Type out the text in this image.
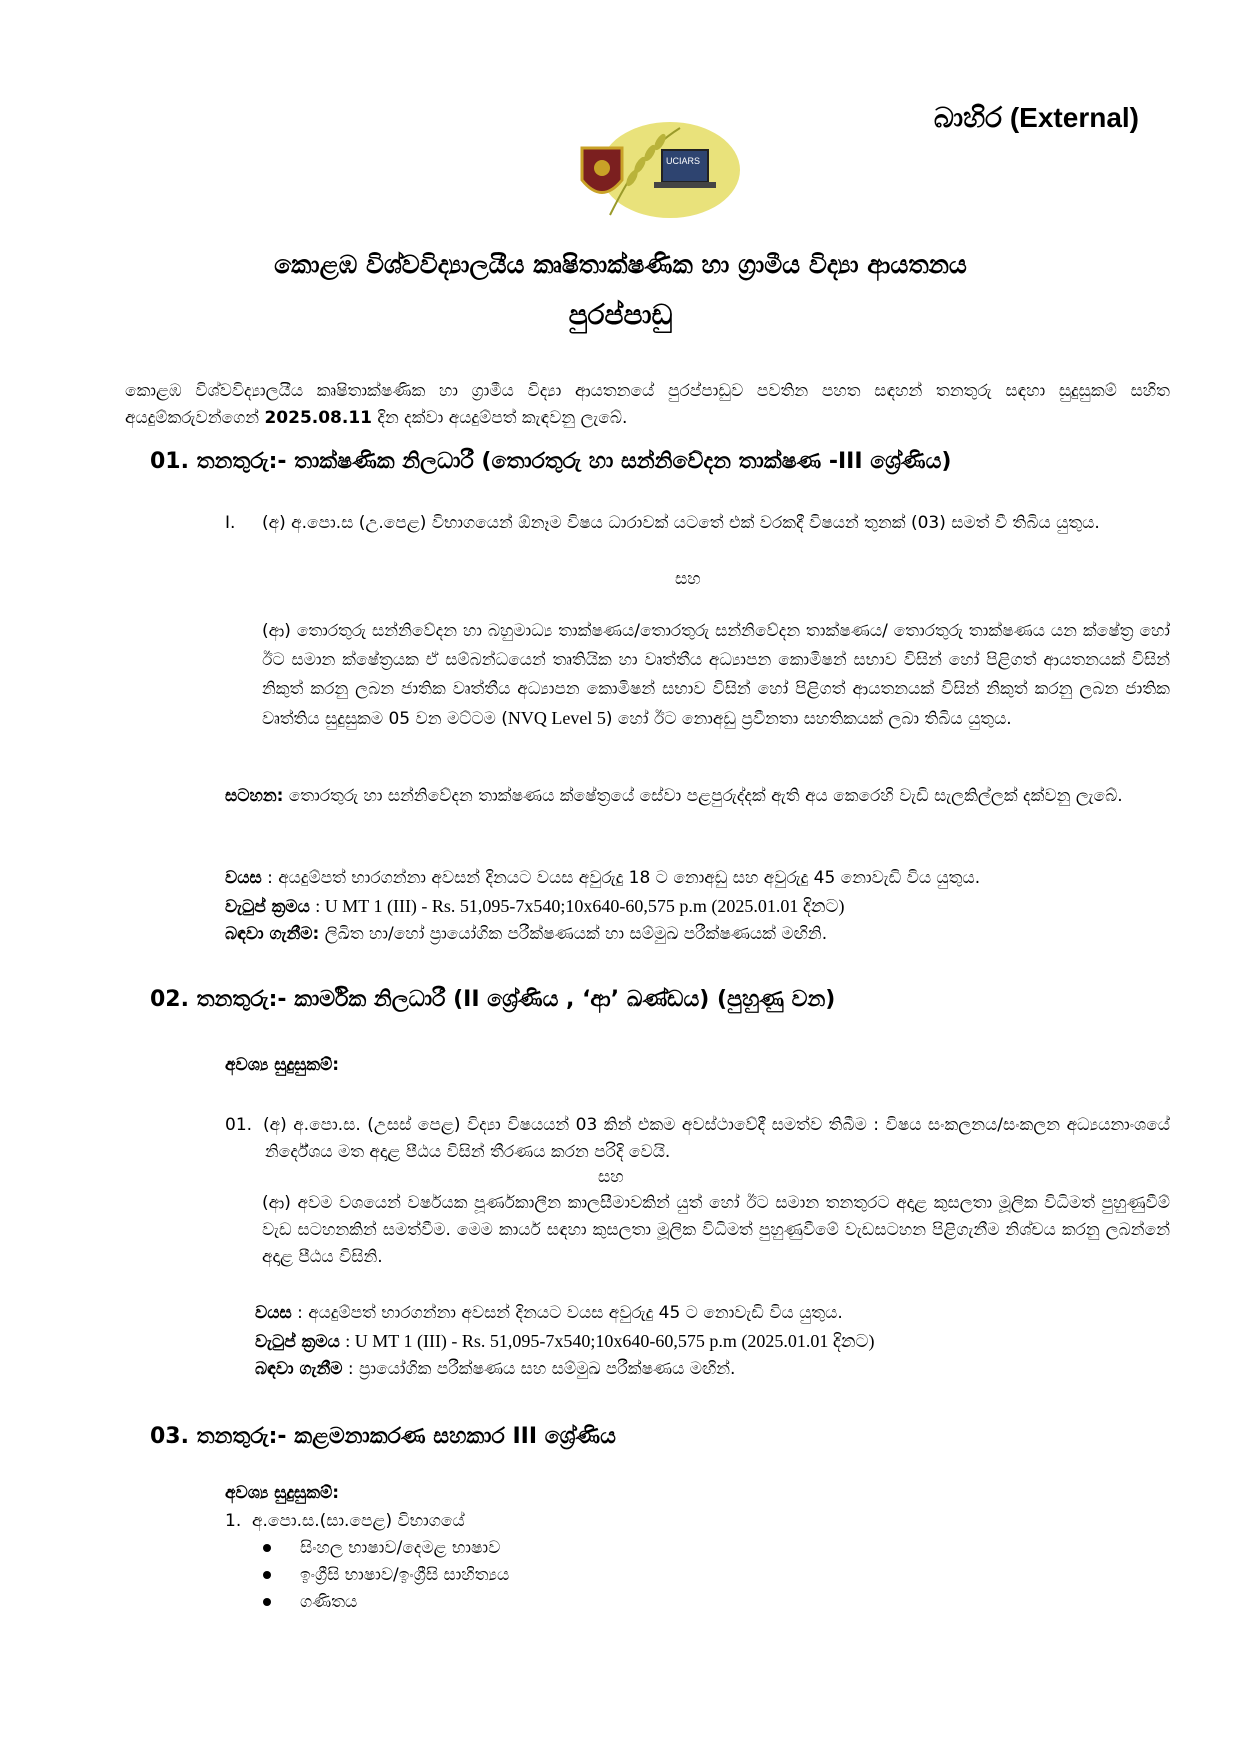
බාහිර (External)
UCIARS
කොළඹ විශ්වවිද්‍යාලයීය කෘෂිතාක්ෂණික හා ග්‍රාමීය විද්‍යා ආයතනය
පුරප්පාඩු
කොළඹ විශ්වවිද්‍යාලයීය කෘෂිතාක්ෂණික හා ග්‍රාමීය විද්‍යා ආයතනයේ පුරප්පාඩුව පවතින පහත සඳහන් තනතුරු සඳහා සුදුසුකම් සහිත අයදුම්කරුවන්ගෙන් 2025.08.11 දින දක්වා අයදුම්පත් කැඳවනු ලැබේ.
01. තනතුරු:- තාක්ෂණික නිලධාරී (තොරතුරු හා සන්නිවේදන තාක්ෂණ -III ශ්‍රේණිය)
I. (අ) අ.පො.ස (උ.පෙළ) විභාගයෙන් ඕනෑම විෂය ධාරාවක් යටතේ එක් වරකදී විෂයන් තුනක් (03) සමත් වී තිබිය යුතුය.
සහ
(ආ) තොරතුරු සන්නිවේදන හා බහුමාධ්‍ය තාක්ෂණය/තොරතුරු සන්නිවේදන තාක්ෂණය/ තොරතුරු තාක්ෂණය යන ක්ෂේත්‍ර හෝ ඊට සමාන ක්ෂේත්‍රයක ඒ සම්බන්ධයෙන් තෘතියික හා වෘත්තීය අධ්‍යාපන කොමිෂන් සභාව විසින් හෝ පිළිගත් ආයතනයක් විසින් නිකුත් කරනු ලබන ජාතික වෘත්තීය අධ්‍යාපන කොමිෂන් සභාව විසින් හෝ පිළිගත් ආයතනයක් විසින් නිකුත් කරනු ලබන ජාතික වෘත්තිය සුදුසුකම 05 වන මට්ටම (NVQ Level 5) හෝ ඊට නොඅඩු ප්‍රවීනතා සහතිකයක් ලබා තිබිය යුතුය.
සටහන: තොරතුරු හා සන්නිවේදන තාක්ෂණය ක්ෂේත්‍රයේ සේවා පළපුරුද්දක් ඇති අය කෙරෙහි වැඩි සැලකිල්ලක් දක්වනු ලැබේ.
වයස : අයදුම්පත් භාරගන්නා අවසන් දිනයට වයස අවුරුදු 18 ට නොඅඩු සහ අවුරුදු 45 නොවැඩි විය යුතුය.
වැටුප් ක්‍රමය : U MT 1 (III) - Rs. 51,095-7x540;10x640-60,575 p.m (2025.01.01 දිනට)
බඳවා ගැනීම: ලිඛිත හා/හෝ ප්‍රායෝගික පරීක්ෂණයක් හා සම්මුඛ පරීක්ෂණයක් මඟිනි.
02. තනතුරු:- කාර්මික නිලධාරී (II ශ්‍රේණිය , ‘ආ’ ඛණ්ඩය) (පුහුණු වන)
අවශ්‍ය සුදුසුකම්:
01. (අ) අ.පො.ස. (උසස් පෙළ) විද්‍යා විෂයයන් 03 කින් එකම අවස්ථාවේදී සමත්ව තිබීම : විෂය සංකලනය/සංකලන අධ්‍යයනාංශයේ නිර්දේශය මත අදාළ පීඨය විසින් තීරණය කරන පරිදි වෙයි.
සහ
(ආ) අවම වශයෙන් වර්ෂයක පූර්ණකාලීන කාලසීමාවකින් යුත් හෝ ඊට සමාන තනතුරට අදාළ කුසලතා මූලික විධිමත් පුහුණුවීම් වැඩ සටහනකින් සමත්වීම. මෙම කාර්ය සඳහා කුසලතා මූලික විධිමත් පුහුණුවීමේ වැඩසටහන පිළිගැනීම නිශ්චය කරනු ලබන්නේ අදාළ පීඨය විසිනි.
වයස : අයදුම්පත් භාරගන්නා අවසන් දිනයට වයස අවුරුදු 45 ට නොවැඩි විය යුතුය.
වැටුප් ක්‍රමය : U MT 1 (III) - Rs. 51,095-7x540;10x640-60,575 p.m (2025.01.01 දිනට)
බඳවා ගැනීම : ප්‍රායෝගික පරීක්ෂණය සහ සම්මුඛ පරීක්ෂණය මඟින්.
03. තනතුරු:- කළමනාකරණ සහකාර III ශ්‍රේණිය
අවශ්‍ය සුදුසුකම්:
1.  අ.පො.ස.(සා.පෙළ) විභාගයේ
සිංහල භාෂාව/දෙමළ භාෂාව
ඉංග්‍රීසි භාෂාව/ඉංග්‍රීසි සාහිත්‍යය
ගණිතය
